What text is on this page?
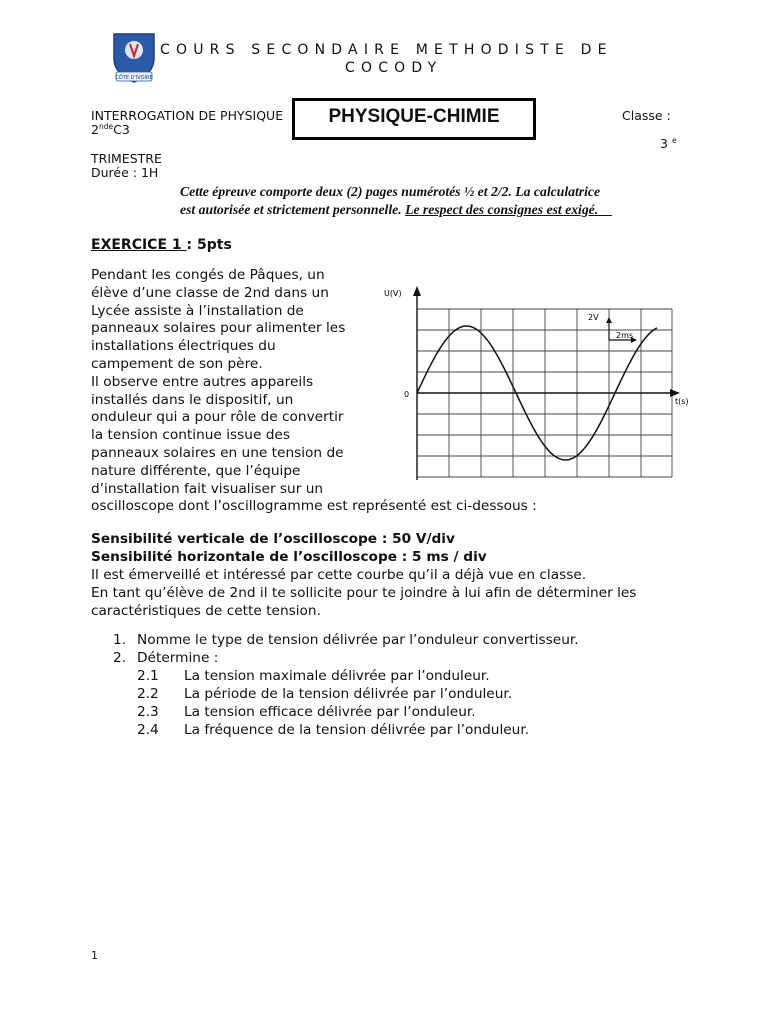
CÔTE D'IVOIRE
COURS SECONDAIRE METHODISTE DE
COCODY
INTERROGATION DE PHYSIQUE
2ndeC3
PHYSIQUE-CHIMIE	Classe :
3 $^e$
TRIMESTRE
Durée : 1H
Cette épreuve comporte deux (2) pages numérotés ½ et 2/2. La calculatrice
est autorisée et strictement personnelle. Le respect des consignes est exigé.
EXERCICE 1 : 5pts
Pendant les congés de Pâques, un
élève d’une classe de 2nd dans un
Lycée assiste à l’installation de
panneaux solaires pour alimenter les
installations électriques du
campement de son père.
Il observe entre autres appareils
installés dans le dispositif, un
onduleur qui a pour rôle de convertir
la tension continue issue des
panneaux solaires en une tension de
nature différente, que l’équipe
d’installation fait visualiser sur un
oscilloscope dont l’oscillogramme est représenté est ci-dessous :
2V
2ms
U(V)
t(s)
0
Sensibilité verticale de l’oscilloscope : 50 V/div
Sensibilité horizontale de l’oscilloscope : 5 ms / div
Il est émerveillé et intéressé par cette courbe qu’il a déjà vue en classe.
En tant qu’élève de 2nd il te sollicite pour te joindre à lui afin de déterminer les
caractéristiques de cette tension.
1. Nomme le type de tension délivrée par l’onduleur convertisseur.
2. Détermine :
2.1 La tension maximale délivrée par l’onduleur.
2.2 La période de la tension délivrée par l’onduleur.
2.3 La tension efficace délivrée par l’onduleur.
2.4 La fréquence de la tension délivrée par l’onduleur.
1
